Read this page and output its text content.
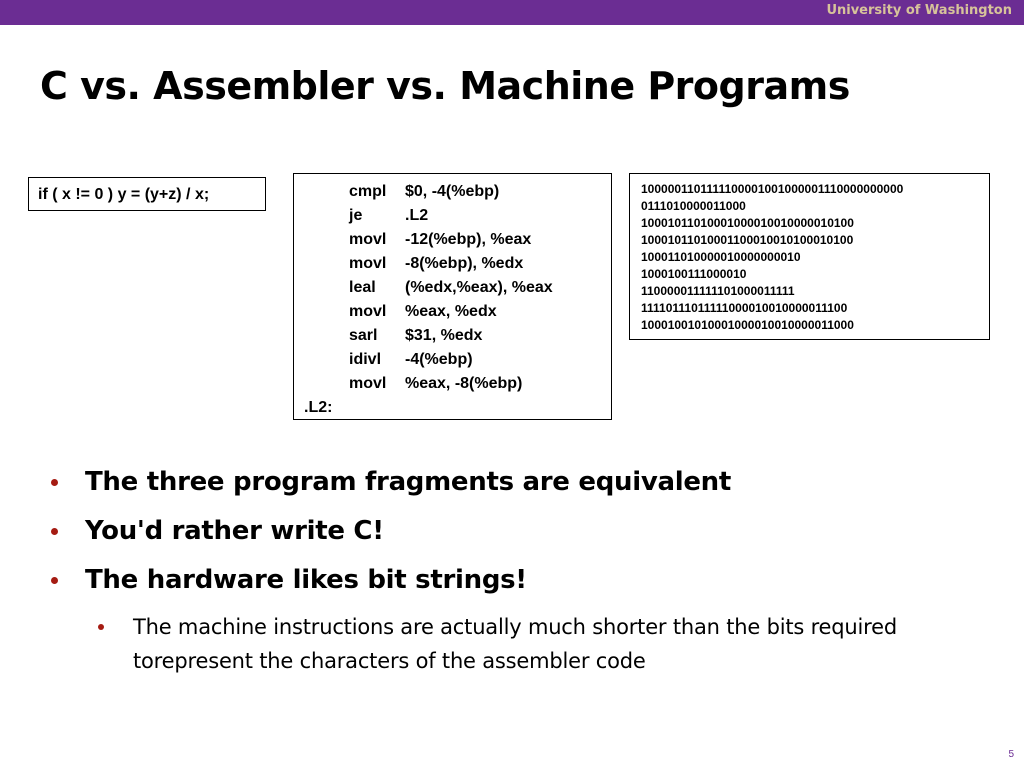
University of Washington
C vs. Assembler vs. Machine Programs
if ( x != 0 ) y = (y+z) / x;	cmpl $0, -4(%ebp)
je	.L2
movl -12(%ebp), %eax
movl -8(%ebp), %edx
leal (%edx,%eax), %eax
movl %eax, %edx
sarl $31, %edx
idivl -4(%ebp)
movl %eax, -8(%ebp)
.L2:
1000001101111100001001000001110000000000
0111010000011000
10001011010001000010010000010100
10001011010001100010010100010100
100011010000010000000010
1000100111000010
110000011111101000011111
11110111011111000010010000011100
10001001010001000010010000011000
The three program fragments are equivalent
You'd rather write C!
The hardware likes bit strings!
The machine instructions are actually much shorter than the bits required torepresent the characters of the assembler code
5
